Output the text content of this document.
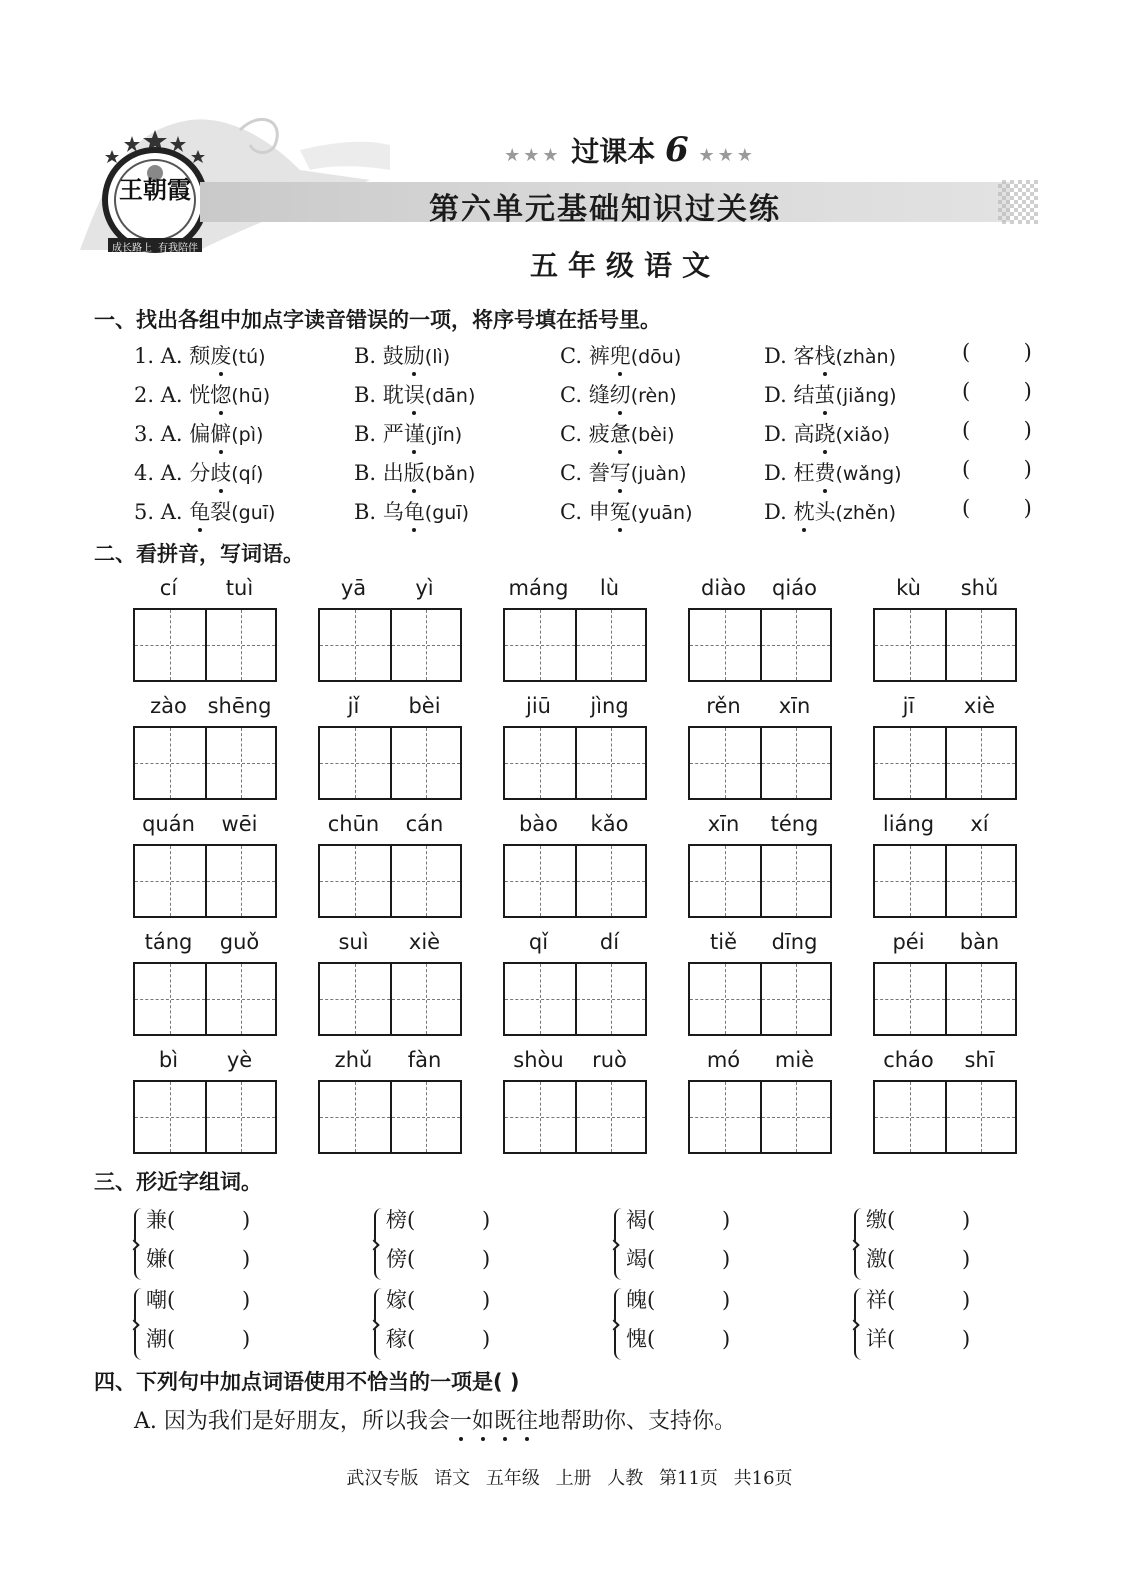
王朝霞
成长路上 有我陪伴
★★★ 过课本 6 ★★★
第六单元基础知识过关练
五年级语文
一、找出各组中加点字读音错误的一项，将序号填在括号里。
1. A. 颓废(tú)	B. 鼓励(lì)	C. 裤兜(dōu)	D. 客栈(zhàn)	(        )
2. A. 恍惚(hū)	B. 耽误(dān)	C. 缝纫(rèn)	D. 结茧(jiǎng)	(        )
3. A. 偏僻(pì)	B. 严谨(jǐn)	C. 疲惫(bèi)	D. 高跷(xiǎo)	(        )
4. A. 分歧(qí)	B. 出版(bǎn)	C. 誊写(juàn)	D. 枉费(wǎng)	(        )
5. A. 龟裂(guī)	B. 乌龟(guī)	C. 申冤(yuān)	D. 枕头(zhěn)	(        )
二、看拼音，写词语。
cí	tuì	yā	yì	máng	lù	diào	qiáo	kù	shǔ
zào shēng	jǐ	bèi	jiū	jìng	rěn	xīn	jī	xiè
quán	wēi	chūn	cán	bào	kǎo	xīn	téng	liáng	xí
táng	guǒ	suì	xiè	qǐ	dí	tiě	dīng	péi	bàn
bì	yè	zhǔ	fàn	shòu	ruò	mó	miè	cháo	shī
三、形近字组词。
兼(          )
嫌(          )
榜(          )
傍(          )
褐(          )
竭(          )
缴(          )
激(          )
嘲(          )
潮(          )
嫁(          )
稼(          )
魄(          )
愧(          )
祥(          )
详(          )
四、下列句中加点词语使用不恰当的一项是( )
A. 因为我们是好朋友，所以我会一如既往地帮助你、支持你。
武汉专版 语文 五年级 上册 人教 第11页 共16页
